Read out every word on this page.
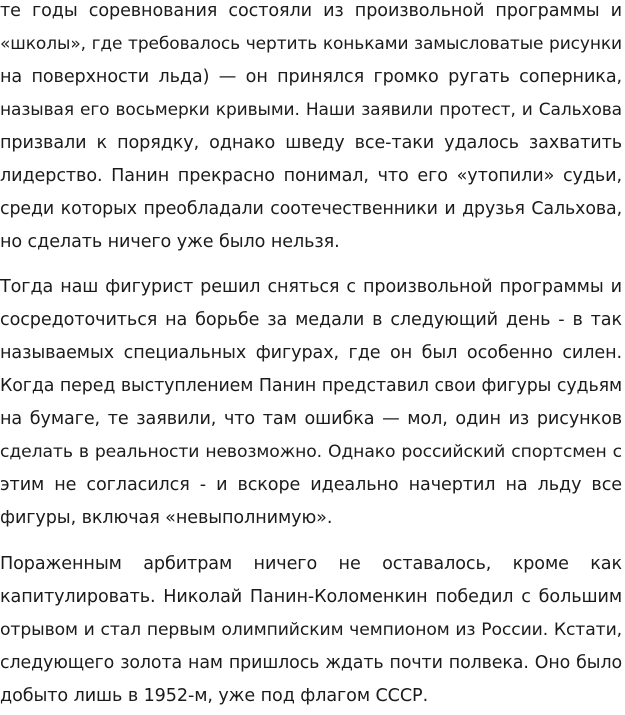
те годы соревнования состояли из произвольной программы и
«школы», где требовалось чертить коньками замысловатые рисунки
на поверхности льда) — он принялся громко ругать соперника,
называя его восьмерки кривыми. Наши заявили протест, и Сальхова
призвали к порядку, однако шведу все-таки удалось захватить
лидерство. Панин прекрасно понимал, что его «утопили» судьи,
среди которых преобладали соотечественники и друзья Сальхова,
но сделать ничего уже было нельзя.
Тогда наш фигурист решил сняться с произвольной программы и
сосредоточиться на борьбе за медали в следующий день - в так
называемых специальных фигурах, где он был особенно силен.
Когда перед выступлением Панин представил свои фигуры судьям
на бумаге, те заявили, что там ошибка — мол, один из рисунков
сделать в реальности невозможно. Однако российский спортсмен с
этим не согласился - и вскоре идеально начертил на льду все
фигуры, включая «невыполнимую».
Пораженным арбитрам ничего не оставалось, кроме как
капитулировать. Николай Панин-Коломенкин победил с большим
отрывом и стал первым олимпийским чемпионом из России. Кстати,
следующего золота нам пришлось ждать почти полвека. Оно было
добыто лишь в 1952-м, уже под флагом СССР.
